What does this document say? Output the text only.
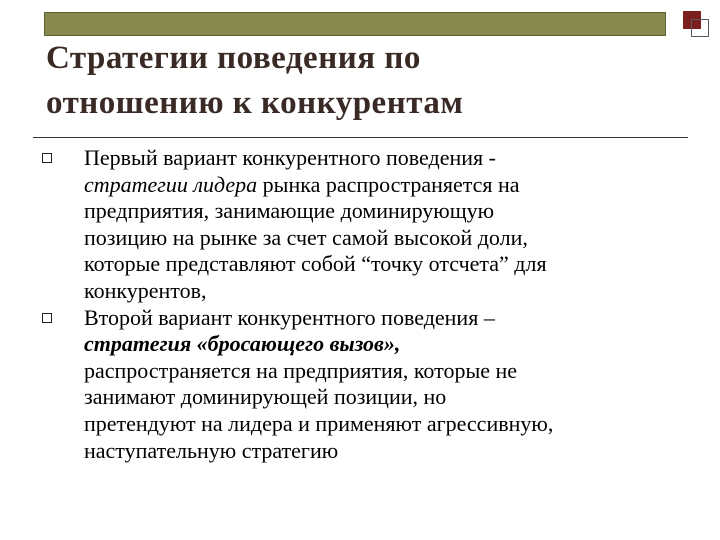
Стратегии поведения по
отношению к конкурентам

Первый вариант конкурентного поведения -
стратегии лидера рынка распространяется на
предприятия, занимающие доминирующую
позицию на рынке за счет самой высокой доли,
которые представляют собой “точку отсчета” для
конкурентов,

Второй вариант конкурентного поведения –
стратегия «бросающего вызов»,
распространяется на предприятия, которые не
занимают доминирующей позиции, но
претендуют на лидера и применяют агрессивную,
наступательную стратегию
